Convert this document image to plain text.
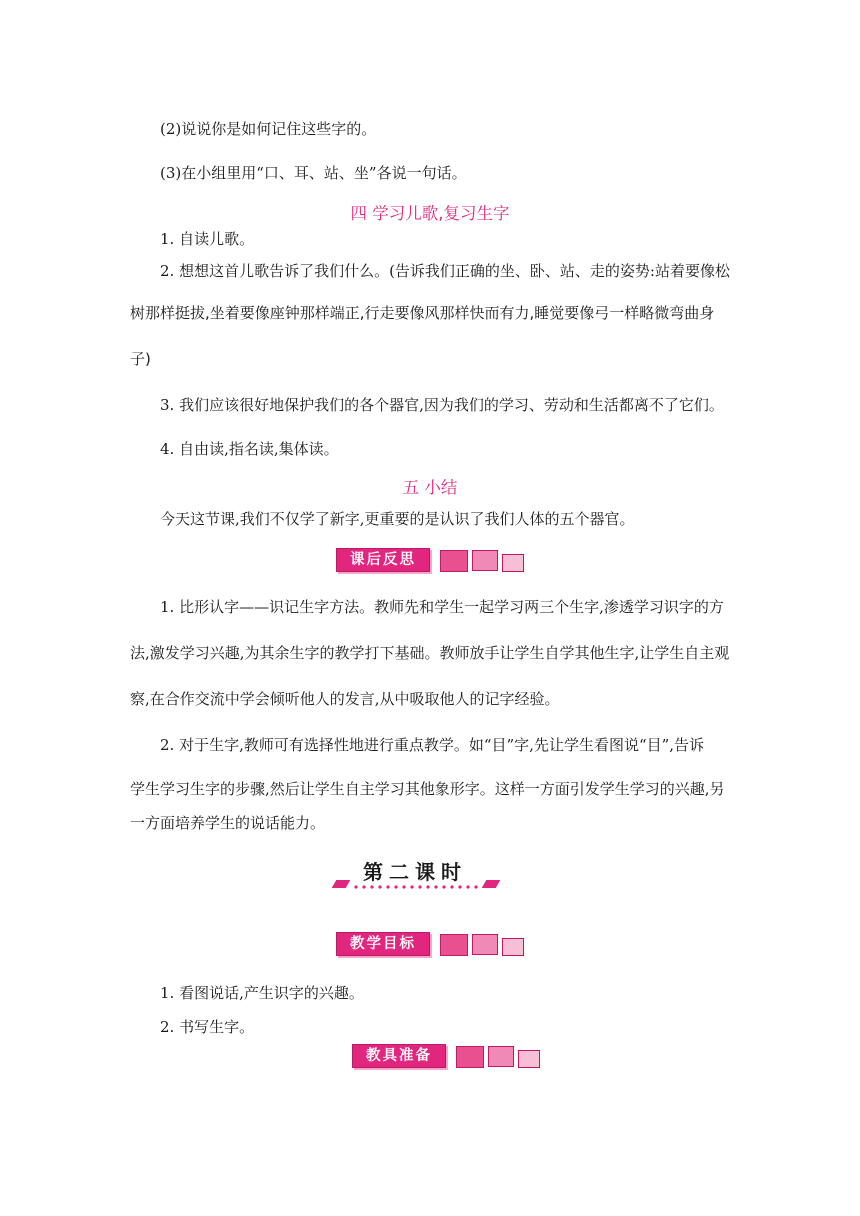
(2)说说你是如何记住这些字的。
(3)在小组里用“口、耳、站、坐”各说一句话。
四 学习儿歌,复习生字
1. 自读儿歌。
2. 想想这首儿歌告诉了我们什么。(告诉我们正确的坐、卧、站、走的姿势:站着要像松
树那样挺拔,坐着要像座钟那样端正,行走要像风那样快而有力,睡觉要像弓一样略微弯曲身
子)
3. 我们应该很好地保护我们的各个器官,因为我们的学习、劳动和生活都离不了它们。
4. 自由读,指名读,集体读。
五 小结
今天这节课,我们不仅学了新字,更重要的是认识了我们人体的五个器官。
课后反思
1. 比形认字——识记生字方法。教师先和学生一起学习两三个生字,渗透学习识字的方
法,激发学习兴趣,为其余生字的教学打下基础。教师放手让学生自学其他生字,让学生自主观
察,在合作交流中学会倾听他人的发言,从中吸取他人的记字经验。
2. 对于生字,教师可有选择性地进行重点教学。如“目”字,先让学生看图说“目”,告诉
学生学习生字的步骤,然后让学生自主学习其他象形字。这样一方面引发学生学习的兴趣,另
一方面培养学生的说话能力。
第二课时
教学目标
1. 看图说话,产生识字的兴趣。
2. 书写生字。
教具准备
